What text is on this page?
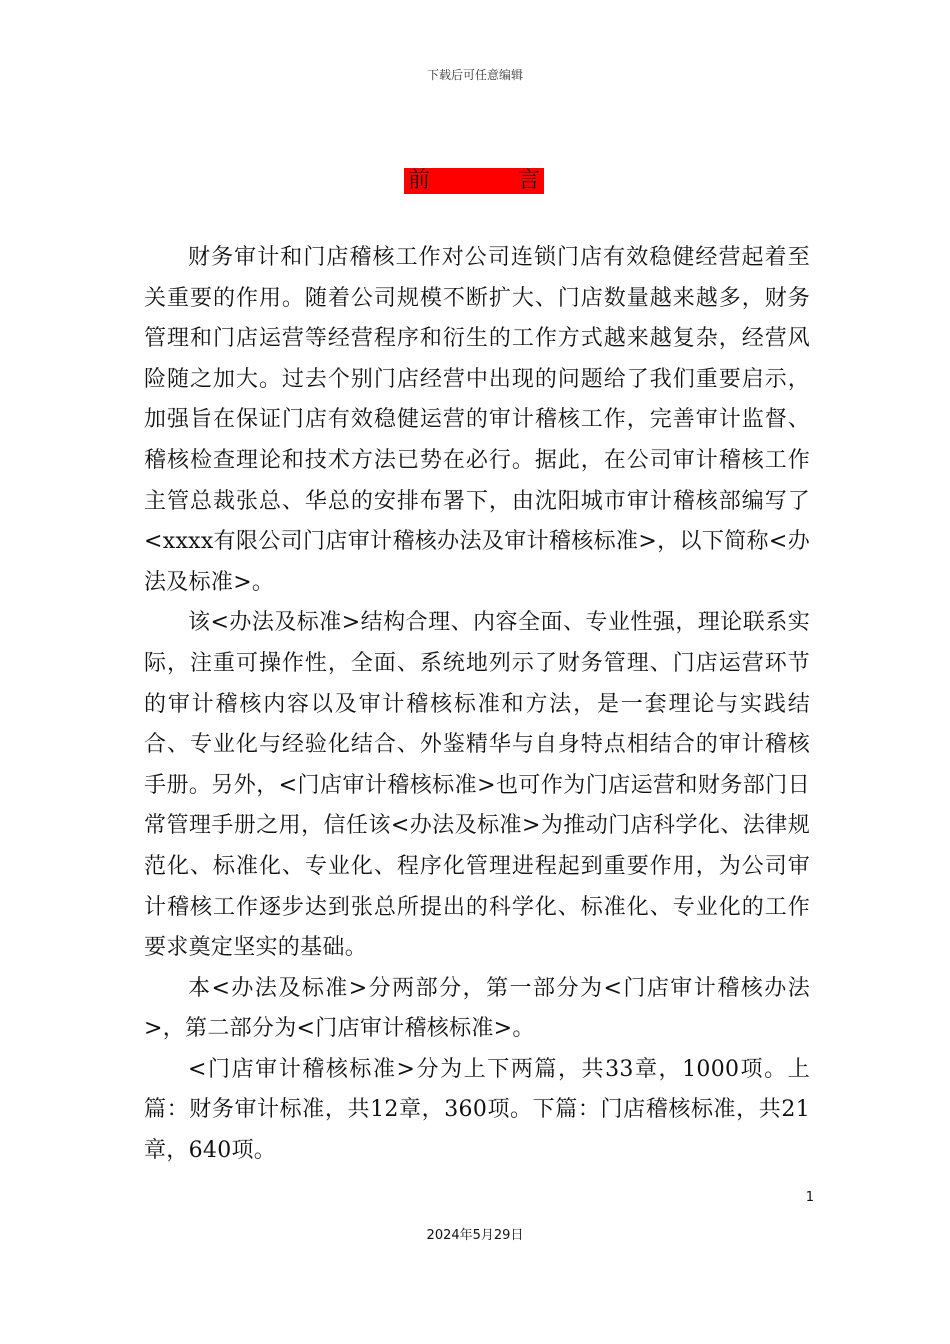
下载后可任意编辑
前	言

财务审计和门店稽核工作对公司连锁门店有效稳健经营起着至关重要的作用。随着公司规模不断扩大、门店数量越来越多，财务管理和门店运营等经营程序和衍生的工作方式越来越复杂，经营风险随之加大。过去个别门店经营中出现的问题给了我们重要启示，加强旨在保证门店有效稳健运营的审计稽核工作，完善审计监督、稽核检查理论和技术方法已势在必行。据此，在公司审计稽核工作主管总裁张总、华总的安排布署下，由沈阳城市审计稽核部编写了<xxxx有限公司门店审计稽核办法及审计稽核标准>，以下简称<办法及标准>。

该<办法及标准>结构合理、内容全面、专业性强，理论联系实际，注重可操作性，全面、系统地列示了财务管理、门店运营环节的审计稽核内容以及审计稽核标准和方法，是一套理论与实践结合、专业化与经验化结合、外鉴精华与自身特点相结合的审计稽核手册。另外，<门店审计稽核标准>也可作为门店运营和财务部门日常管理手册之用，信任该<办法及标准>为推动门店科学化、法律规范化、标准化、专业化、程序化管理进程起到重要作用，为公司审计稽核工作逐步达到张总所提出的科学化、标准化、专业化的工作要求奠定坚实的基础。

本<办法及标准>分两部分，第一部分为<门店审计稽核办法>，第二部分为<门店审计稽核标准>。

<门店审计稽核标准>分为上下两篇，共33章，1000项。上篇：财务审计标准，共12章，360项。下篇：门店稽核标准，共21章，640项。

1
2024年5月29日
